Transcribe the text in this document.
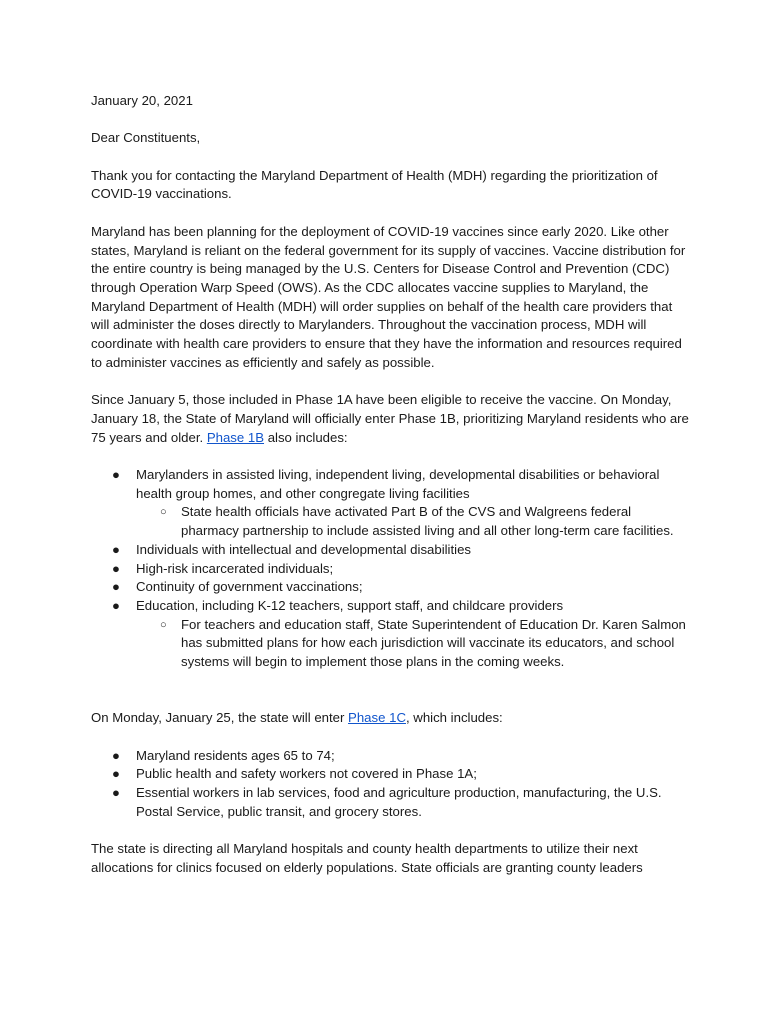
January 20, 2021

Dear Constituents,

Thank you for contacting the Maryland Department of Health (MDH) regarding the prioritization of COVID-19 vaccinations.

Maryland has been planning for the deployment of COVID-19 vaccines since early 2020. Like other states, Maryland is reliant on the federal government for its supply of vaccines. Vaccine distribution for the entire country is being managed by the U.S. Centers for Disease Control and Prevention (CDC) through Operation Warp Speed (OWS). As the CDC allocates vaccine supplies to Maryland, the Maryland Department of Health (MDH) will order supplies on behalf of the health care providers that will administer the doses directly to Marylanders. Throughout the vaccination process, MDH will coordinate with health care providers to ensure that they have the information and resources required to administer vaccines as efficiently and safely as possible.

Since January 5, those included in Phase 1A have been eligible to receive the vaccine. On Monday, January 18, the State of Maryland will officially enter Phase 1B, prioritizing Maryland residents who are 75 years and older. Phase 1B also includes:

● Marylanders in assisted living, independent living, developmental disabilities or behavioral health group homes, and other congregate living facilities
○ State health officials have activated Part B of the CVS and Walgreens federal pharmacy partnership to include assisted living and all other long-term care facilities.
● Individuals with intellectual and developmental disabilities
● High-risk incarcerated individuals;
● Continuity of government vaccinations;
● Education, including K-12 teachers, support staff, and childcare providers
○ For teachers and education staff, State Superintendent of Education Dr. Karen Salmon has submitted plans for how each jurisdiction will vaccinate its educators, and school systems will begin to implement those plans in the coming weeks.

On Monday, January 25, the state will enter Phase 1C, which includes:

● Maryland residents ages 65 to 74;
● Public health and safety workers not covered in Phase 1A;
● Essential workers in lab services, food and agriculture production, manufacturing, the U.S. Postal Service, public transit, and grocery stores.

The state is directing all Maryland hospitals and county health departments to utilize their next allocations for clinics focused on elderly populations. State officials are granting county leaders
